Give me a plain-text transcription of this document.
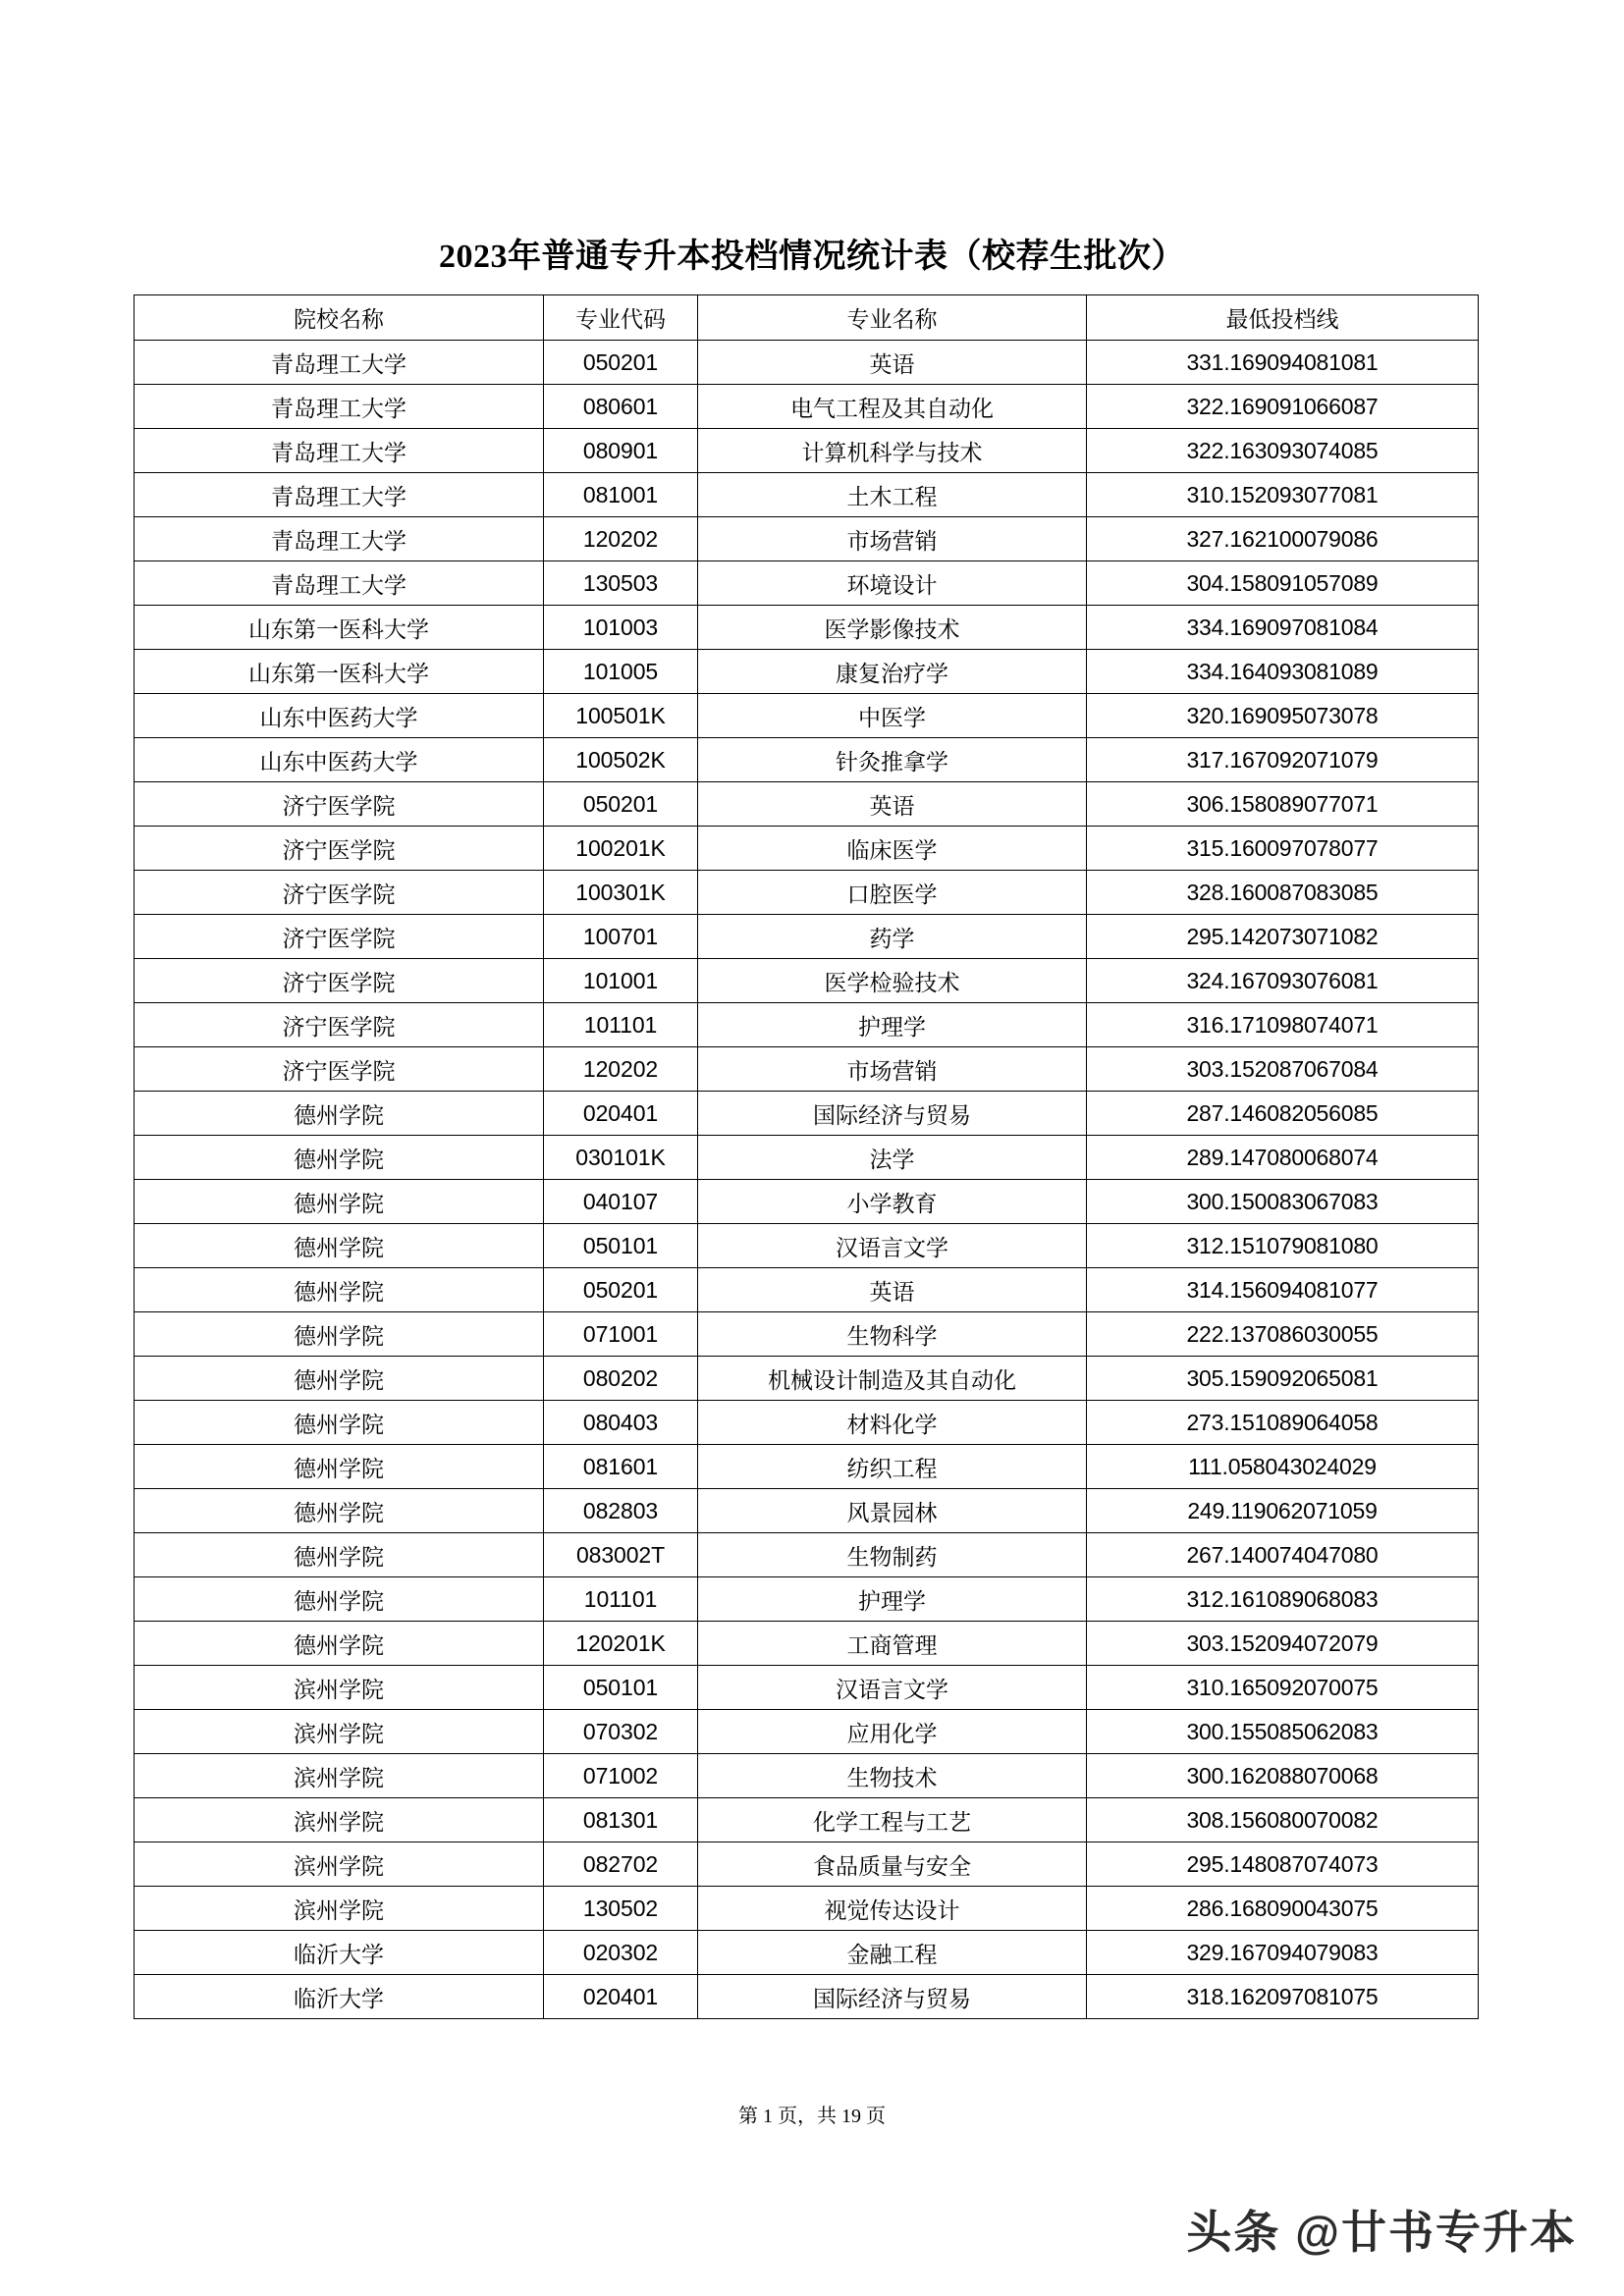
2023年普通专升本投档情况统计表（校荐生批次）
院校名称	专业代码	专业名称	最低投档线
青岛理工大学	050201	英语	331.169094081081
青岛理工大学	080601	电气工程及其自动化	322.169091066087
青岛理工大学	080901	计算机科学与技术	322.163093074085
青岛理工大学	081001	土木工程	310.152093077081
青岛理工大学	120202	市场营销	327.162100079086
青岛理工大学	130503	环境设计	304.158091057089
山东第一医科大学	101003	医学影像技术	334.169097081084
山东第一医科大学	101005	康复治疗学	334.164093081089
山东中医药大学	100501K	中医学	320.169095073078
山东中医药大学	100502K	针灸推拿学	317.167092071079
济宁医学院	050201	英语	306.158089077071
济宁医学院	100201K	临床医学	315.160097078077
济宁医学院	100301K	口腔医学	328.160087083085
济宁医学院	100701	药学	295.142073071082
济宁医学院	101001	医学检验技术	324.167093076081
济宁医学院	101101	护理学	316.171098074071
济宁医学院	120202	市场营销	303.152087067084
德州学院	020401	国际经济与贸易	287.146082056085
德州学院	030101K	法学	289.147080068074
德州学院	040107	小学教育	300.150083067083
德州学院	050101	汉语言文学	312.151079081080
德州学院	050201	英语	314.156094081077
德州学院	071001	生物科学	222.137086030055
德州学院	080202	机械设计制造及其自动化	305.159092065081
德州学院	080403	材料化学	273.151089064058
德州学院	081601	纺织工程	111.058043024029
德州学院	082803	风景园林	249.119062071059
德州学院	083002T	生物制药	267.140074047080
德州学院	101101	护理学	312.161089068083
德州学院	120201K	工商管理	303.152094072079
滨州学院	050101	汉语言文学	310.165092070075
滨州学院	070302	应用化学	300.155085062083
滨州学院	071002	生物技术	300.162088070068
滨州学院	081301	化学工程与工艺	308.156080070082
滨州学院	082702	食品质量与安全	295.148087074073
滨州学院	130502	视觉传达设计	286.168090043075
临沂大学	020302	金融工程	329.167094079083
临沂大学	020401	国际经济与贸易	318.162097081075
第 1 页，共 19 页
头条 @廿书专升本
